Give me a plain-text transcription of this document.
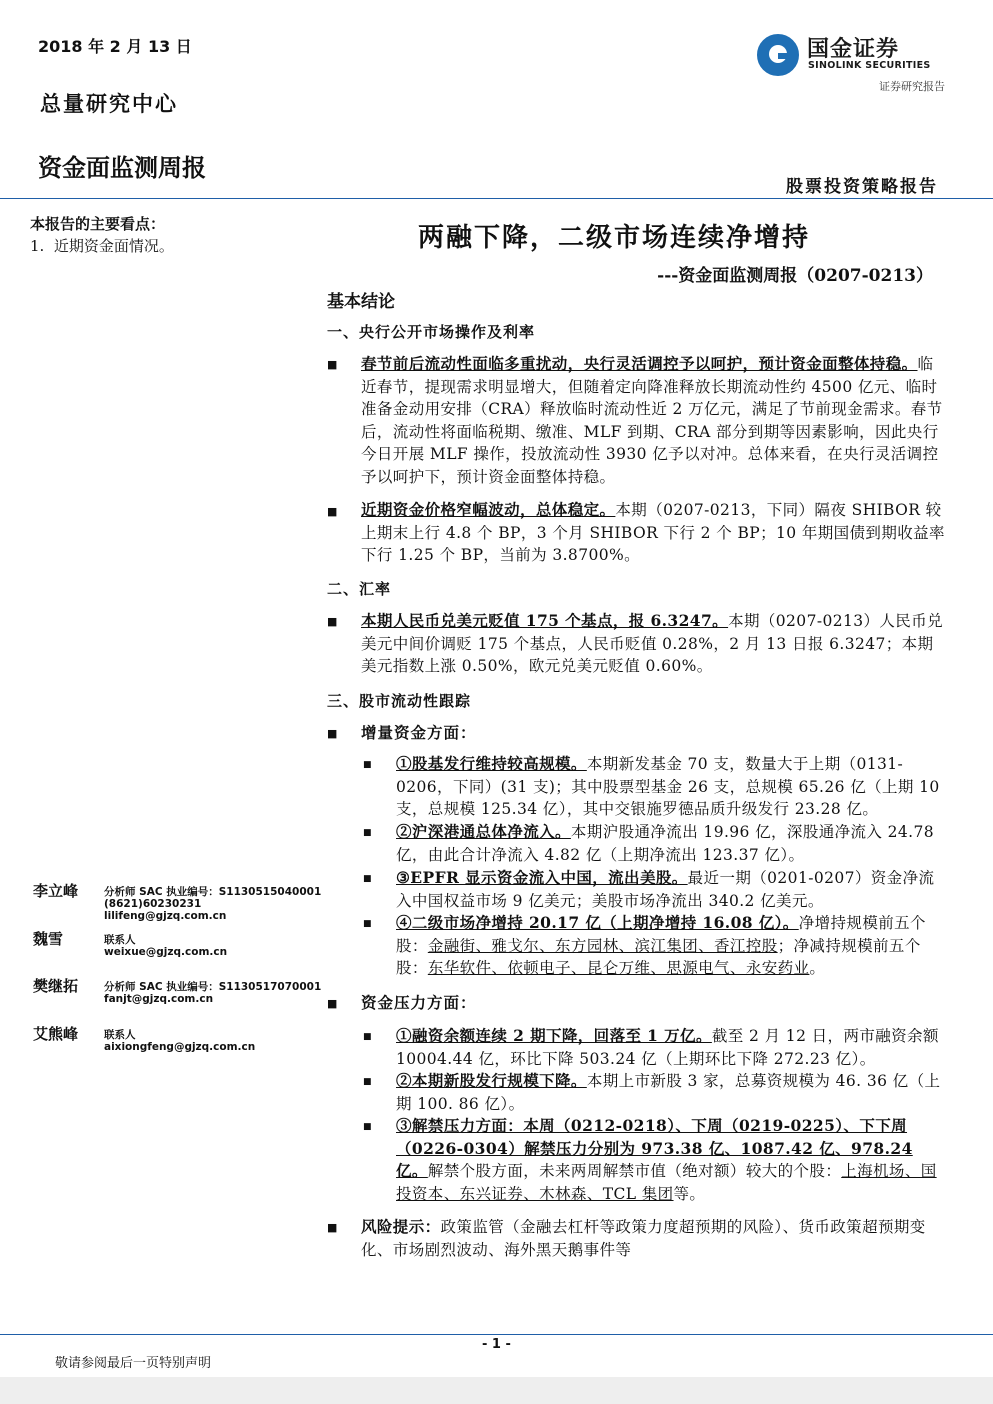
2018 年 2 月 13 日
总量研究中心
资金面监测周报
国金证券
SINOLINK SECURITIES
证券研究报告
股票投资策略报告
本报告的主要看点：
1.  近期资金面情况。
李立峰 分析师 SAC 执业编号：S1130515040001
(8621)60230231
lilifeng@gjzq.com.cn
魏雪	联系人
weixue@gjzq.com.cn
樊继拓 分析师 SAC 执业编号：S1130517070001
fanjt@gjzq.com.cn
艾熊峰 联系人
aixiongfeng@gjzq.com.cn
两融下降，二级市场连续净增持
---资金面监测周报（0207-0213）
基本结论
一、央行公开市场操作及利率
■ 春节前后流动性面临多重扰动，央行灵活调控予以呵护，预计资金面整体持稳。临近春节，提现需求明显增大，但随着定向降准释放长期流动性约 4500 亿元、临时准备金动用安排（CRA）释放临时流动性近 2 万亿元，满足了节前现金需求。春节后，流动性将面临税期、缴准、MLF 到期、CRA 部分到期等因素影响，因此央行今日开展 MLF 操作，投放流动性 3930 亿予以对冲。总体来看，在央行灵活调控予以呵护下，预计资金面整体持稳。
■ 近期资金价格窄幅波动，总体稳定。本期（0207-0213，下同）隔夜 SHIBOR 较上期末上行 4.8 个 BP，3 个月 SHIBOR 下行 2 个 BP；10 年期国债到期收益率下行 1.25 个 BP，当前为 3.8700%。
二、汇率
■ 本期人民币兑美元贬值 175 个基点，报 6.3247。本期（0207-0213）人民币兑美元中间价调贬 175 个基点，人民币贬值 0.28%，2 月 13 日报 6.3247；本期美元指数上涨 0.50%，欧元兑美元贬值 0.60%。
三、股市流动性跟踪
■ 增量资金方面：
■ ①股基发行维持较高规模。本期新发基金 70 支，数量大于上期（0131-0206，下同）(31 支)；其中股票型基金 26 支，总规模 65.26 亿（上期 10 支，总规模 125.34 亿），其中交银施罗德品质升级发行 23.28 亿。
■ ②沪深港通总体净流入。本期沪股通净流出 19.96 亿，深股通净流入 24.78 亿，由此合计净流入 4.82 亿（上期净流出 123.37 亿）。
■ ③EPFR 显示资金流入中国，流出美股。最近一期（0201-0207）资金净流入中国权益市场 9 亿美元；美股市场净流出 340.2 亿美元。
■ ④二级市场净增持 20.17 亿（上期净增持 16.08 亿）。净增持规模前五个股：金融街、雅戈尔、东方园林、滨江集团、香江控股；净减持规模前五个股：东华软件、依顿电子、昆仑万维、思源电气、永安药业。
■ 资金压力方面：
■ ①融资余额连续 2 期下降，回落至 1 万亿。截至 2 月 12 日，两市融资余额 10004.44 亿，环比下降 503.24 亿（上期环比下降 272.23 亿）。
■ ②本期新股发行规模下降。本期上市新股 3 家，总募资规模为 46. 36 亿（上期 100. 86 亿）。
■ ③解禁压力方面：本周（0212-0218）、下周（0219-0225）、下下周（0226-0304）解禁压力分别为 973.38 亿、1087.42 亿、978.24 亿。解禁个股方面，未来两周解禁市值（绝对额）较大的个股：上海机场、国投资本、东兴证券、木林森、TCL 集团等。
■ 风险提示：政策监管（金融去杠杆等政策力度超预期的风险）、货币政策超预期变化、市场剧烈波动、海外黑天鹅事件等
- 1 -
敬请参阅最后一页特别声明
